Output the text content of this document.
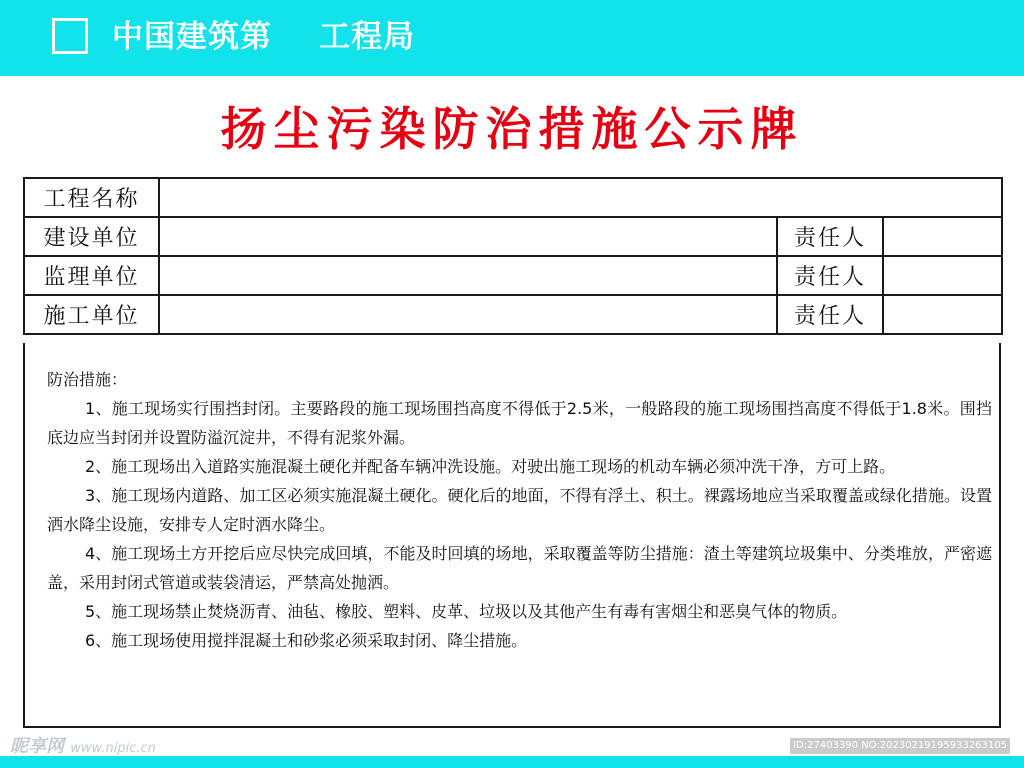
中国建筑第    工程局
扬尘污染防治措施公示牌
工程名称			
建设单位		责任人	
监理单位		责任人	
施工单位		责任人	
防治措施：
1、施工现场实行围挡封闭。主要路段的施工现场围挡高度不得低于2.5米，一般路段的施工现场围挡高度不得低于1.8米。围挡底边应当封闭并设置防溢沉淀井，不得有泥浆外漏。
2、施工现场出入道路实施混凝土硬化并配备车辆冲洗设施。对驶出施工现场的机动车辆必须冲洗干净，方可上路。
3、施工现场内道路、加工区必须实施混凝土硬化。硬化后的地面，不得有浮土、积土。裸露场地应当采取覆盖或绿化措施。设置洒水降尘设施，安排专人定时洒水降尘。
4、施工现场土方开挖后应尽快完成回填，不能及时回填的场地，采取覆盖等防尘措施：渣土等建筑垃圾集中、分类堆放，严密遮盖，采用封闭式管道或装袋清运，严禁高处抛洒。
5、施工现场禁止焚烧沥青、油毡、橡胶、塑料、皮革、垃圾以及其他产生有毒有害烟尘和恶臭气体的物质。
6、施工现场使用搅拌混凝土和砂浆必须采取封闭、降尘措施。
昵享网 www.nipic.cn	ID:27403390 NO:20230219195933263105
